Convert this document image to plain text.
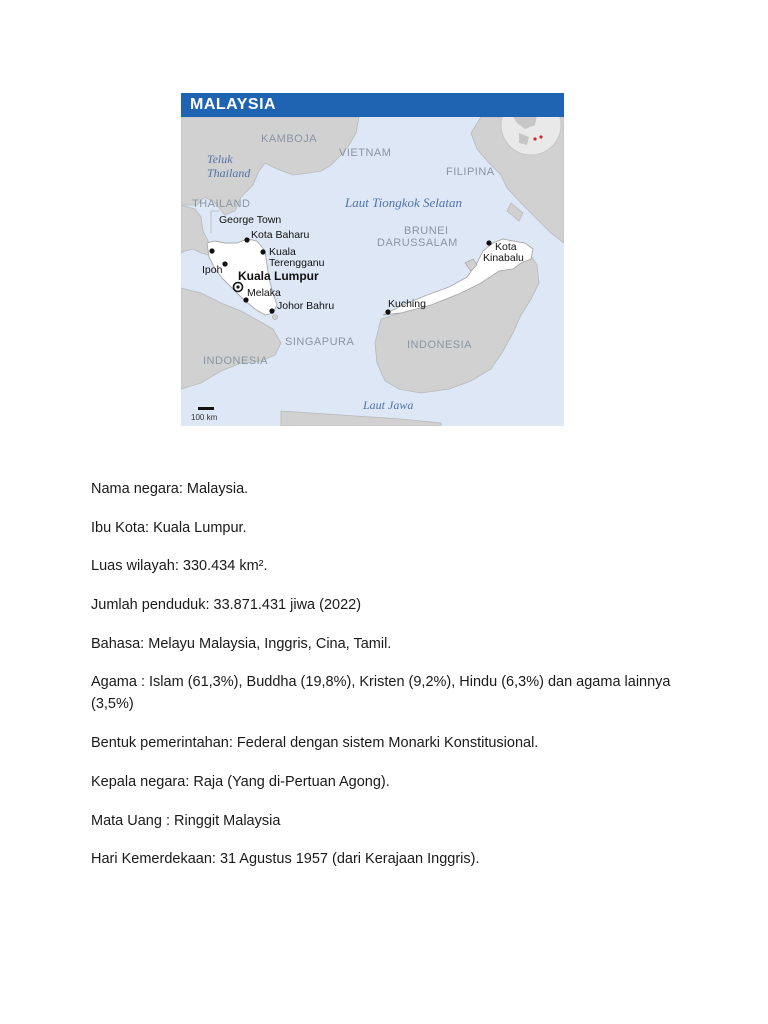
MALAYSIA
KAMBOJA
VIETNAM
FILIPINA
THAILAND
BRUNEI
DARUSSALAM
SINGAPURA
INDONESIA
INDONESIA
Teluk
Thailand
Laut Tiongkok Selatan
Laut Jawa
George Town
Kota Baharu
Kuala
Terengganu
Ipoh Kuala Lumpur
Melaka
Johor Bahru	Kuching
Kota
Kinabalu
100 km

Nama negara: Malaysia.

Ibu Kota: Kuala Lumpur.

Luas wilayah: 330.434 km².

Jumlah penduduk: 33.871.431 jiwa (2022)

Bahasa: Melayu Malaysia, Inggris, Cina, Tamil.

Agama : Islam (61,3%), Buddha (19,8%), Kristen (9,2%), Hindu (6,3%) dan agama lainnya (3,5%)

Bentuk pemerintahan: Federal dengan sistem Monarki Konstitusional.

Kepala negara: Raja (Yang di-Pertuan Agong).

Mata Uang : Ringgit Malaysia

Hari Kemerdekaan: 31 Agustus 1957 (dari Kerajaan Inggris).
